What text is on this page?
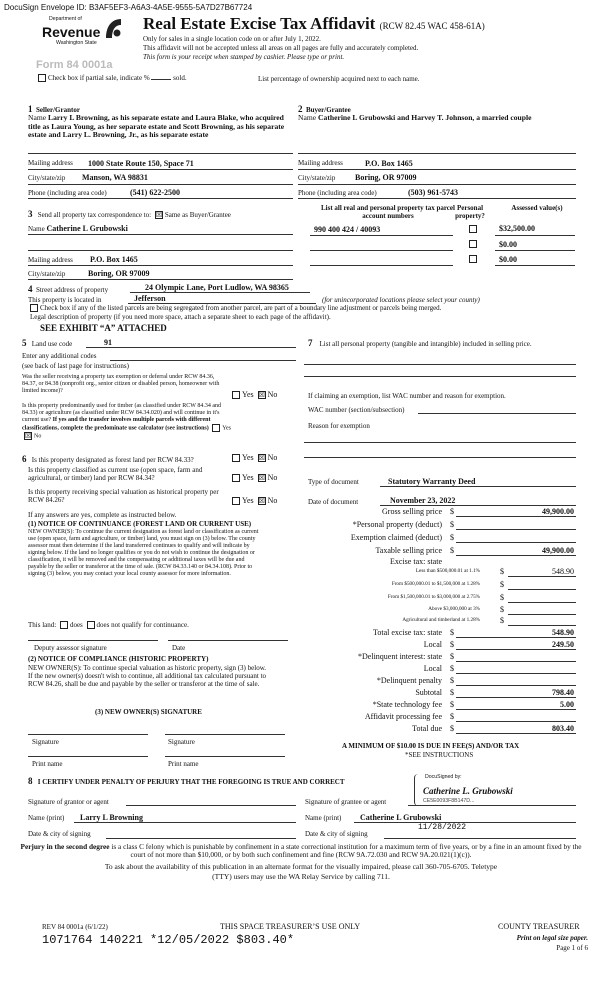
DocuSign Envelope ID: B3AF5EF3-A6A3-4A5E-9555-5A7D27B67724
Department of
Revenue
Washington State
Form 84 0001a
Real Estate Excise Tax Affidavit (RCW 82.45 WAC 458-61A)
Only for sales in a single location code on or after July 1, 2022.
This affidavit will not be accepted unless all areas on all pages are fully and accurately completed.
This form is your receipt when stamped by cashier. Please type or print.
Check box if partial sale, indicate %	sold.	List percentage of ownership acquired next to each name.
1 Seller/Grantor
Name Larry L Browning, as his separate estate and Laura Blake, who acquired title as Laura Young, as her separate estate and Scott Browning, as his separate estate and Larry L. Browning, Jr., as his separate estate
Mailing address 1000 State Route 150, Space 71
City/state/zip Manson, WA 98831
Phone (including area code)	(541) 622-2500
2 Buyer/Grantee
Name Catherine L Grubowski and Harvey T. Johnson, a married couple
Mailing address	P.O. Box 1465
City/state/zip Boring, OR 97009
Phone (including area code)	(503) 961-5743
3 Send all property tax correspondence to: ☒ Same as Buyer/Grantee
Name Catherine L Grubowski
Mailing address P.O. Box 1465
City/state/zip	Boring, OR 97009
List all real and personal property tax parcel account numbers
Personal property?
Assessed value(s)
990 400 424 / 40093	$32,500.00
$0.00
$0.00
4 Street address of property	24 Olympic Lane, Port Ludlow, WA 98365
This property is located in	Jefferson	(for unincorporated locations please select your county)
Check box if any of the listed parcels are being segregated from another parcel, are part of a boundary line adjustment or parcels being merged.
Legal description of property (if you need more space, attach a separate sheet to each page of the affidavit).
SEE EXHIBIT “A” ATTACHED
5 Land use code	91
Enter any additional codes
(see back of last page for instructions)
Was the seller receiving a property tax exemption or deferral under RCW 84.36, 84.37, or 84.38 (nonprofit org., senior citizen or disabled person, homeowner with limited income)?	Yes ☒ No
Is this property predominantly used for timber (as classified under RCW 84.34 and 84.33) or agriculture (as classified under RCW 84.34.020) and will continue in it's current use? If yes and the transfer involves multiple parcels with different classifications, complete the predominate use calculator (see instructions) Yes ☒ No
6 Is this property designated as forest land per RCW 84.33?	Yes ☒ No
Is this property classified as current use (open space, farm and agricultural, or timber) land per RCW 84.34?	Yes ☒ No
Is this property receiving special valuation as historical property per RCW 84.26?	Yes ☒ No
If any answers are yes, complete as instructed below.
(1) NOTICE OF CONTINUANCE (FOREST LAND OR CURRENT USE)
NEW OWNER(S): To continue the current designation as forest land or classification as current use (open space, farm and agriculture, or timber) land, you must sign on (3) below. The county assessor must then determine if the land transferred continues to qualify and will indicate by signing below. If the land no longer qualifies or you do not wish to continue the designation or classification, it will be removed and the compensating or additional taxes will be due and payable by the seller or transferor at the time of sale. (RCW 84.33.140 or 84.34.108). Prior to signing (3) below, you may contact your local county assessor for more information.
This land: does does not qualify for continuance.
Deputy assessor signature	Date
(2) NOTICE OF COMPLIANCE (HISTORIC PROPERTY)
NEW OWNER(S): To continue special valuation as historic property, sign (3) below. If the new owner(s) doesn't wish to continue, all additional tax calculated pursuant to RCW 84.26, shall be due and payable by the seller or transferor at the time of sale.
(3) NEW OWNER(S) SIGNATURE
Signature	Signature
Print name	Print name
7 List all personal property (tangible and intangible) included in selling price.
If claiming an exemption, list WAC number and reason for exemption.
WAC number (section/subsection)
Reason for exemption
Type of document	Statutory Warranty Deed
Date of document	November 23, 2022
Gross selling price $	49,900.00
*Personal property (deduct) $
Exemption claimed (deduct) $
Taxable selling price $	49,900.00
Excise tax: state
Less than $500,000.01 at 1.1%	$	548.90
From $500,000.01 to $1,500,000 at 1.28%	$
From $1,500,000.01 to $3,000,000 at 2.75%	$
Above $3,000,000 at 3%	$
Agricultural and timberland at 1.28%	$
Total excise tax: state $	548.90
Local $	249.50
*Delinquent interest: state $
Local $
*Delinquent penalty $
Subtotal $	798.40
*State technology fee $	5.00
Affidavit processing fee $
Total due $	803.40
A MINIMUM OF $10.00 IS DUE IN FEE(S) AND/OR TAX
*SEE INSTRUCTIONS
8 I CERTIFY UNDER PENALTY OF PERJURY THAT THE FOREGOING IS TRUE AND CORRECT
Signature of grantor or agent	Signature of grantee or agent
DocuSigned by:
Catherine L. Grubowski
CE5E0093F8B147D...
Name (print) Larry L Browning	Name (print) Catherine L Grubowski
Date & city of signing	Date & city of signing
11/28/2022
Perjury in the second degree is a class C felony which is punishable by confinement in a state correctional institution for a maximum term of five years, or by a fine in an amount fixed by the court of not more than $10,000, or by both such confinement and fine (RCW 9A.72.030 and RCW 9A.20.021(1)(c)).
To ask about the availability of this publication in an alternate format for the visually impaired, please call 360-705-6705. Teletype
(TTY) users may use the WA Relay Service by calling 711.
REV 84 0001a (6/1/22)	THIS SPACE TREASURER’S USE ONLY	COUNTY TREASURER
1071764 140221 *12/05/2022 $803.40*	Print on legal size paper.
Page 1 of 6
